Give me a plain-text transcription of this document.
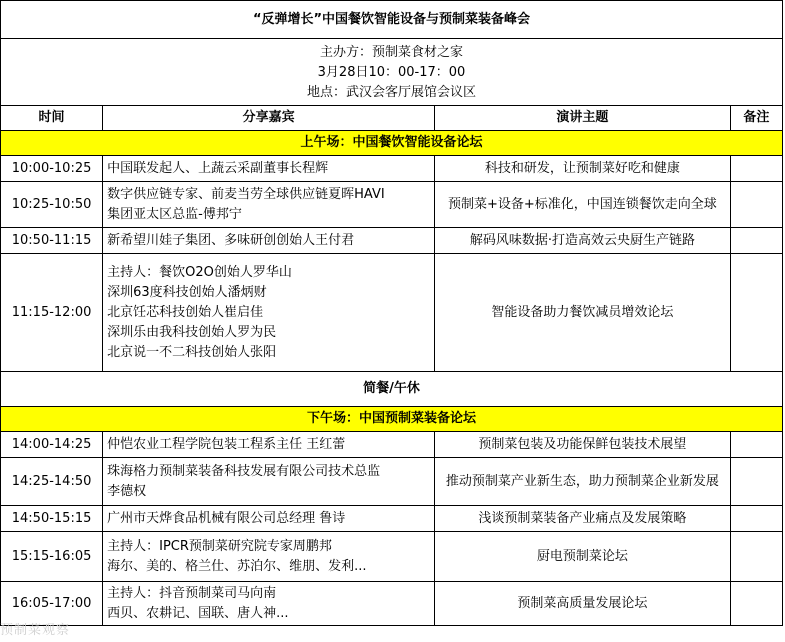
“反弹增长”中国餐饮智能设备与预制菜装备峰会			

主办方：预制菜食材之家
3月28日10：00-17：00
地点：武汉会客厅展馆会议区			

时间	分享嘉宾	演讲主题	备注
上午场：中国餐饮智能设备论坛			
10:00-10:25	中国联发起人、上蔬云采副董事长程辉	科技和研发，让预制菜好吃和健康	
10:25-10:50	数字供应链专家、前麦当劳全球供应链夏晖HAVI
集团亚太区总监-傅邦宁	预制菜+设备+标准化，中国连锁餐饮走向全球	
10:50-11:15	新希望川娃子集团、多味研创创始人王付君	解码风味数据·打造高效云央厨生产链路	
11:15-12:00	主持人：餐饮O2O创始人罗华山
深圳63度科技创始人潘炳财
北京饪芯科技创始人崔启佳
深圳乐由我科技创始人罗为民
北京说一不二科技创始人张阳	智能设备助力餐饮减员增效论坛	
简餐/午休			
下午场：中国预制菜装备论坛			
14:00-14:25	仲恺农业工程学院包装工程系主任 王红蕾	预制菜包装及功能保鲜包装技术展望	
14:25-14:50	珠海格力预制菜装备科技发展有限公司技术总监
李德权	推动预制菜产业新生态，助力预制菜企业新发展	
14:50-15:15	广州市天烨食品机械有限公司总经理 鲁诗	浅谈预制菜装备产业痛点及发展策略	
15:15-16:05	主持人：IPCR预制菜研究院专家周鹏邦
海尔、美的、格兰仕、苏泊尔、维朋、发利...	厨电预制菜论坛	
16:05-17:00	主持人：抖音预制菜司马向南
西贝、农耕记、国联、唐人神...	预制菜高质量发展论坛	
预制菜观察
